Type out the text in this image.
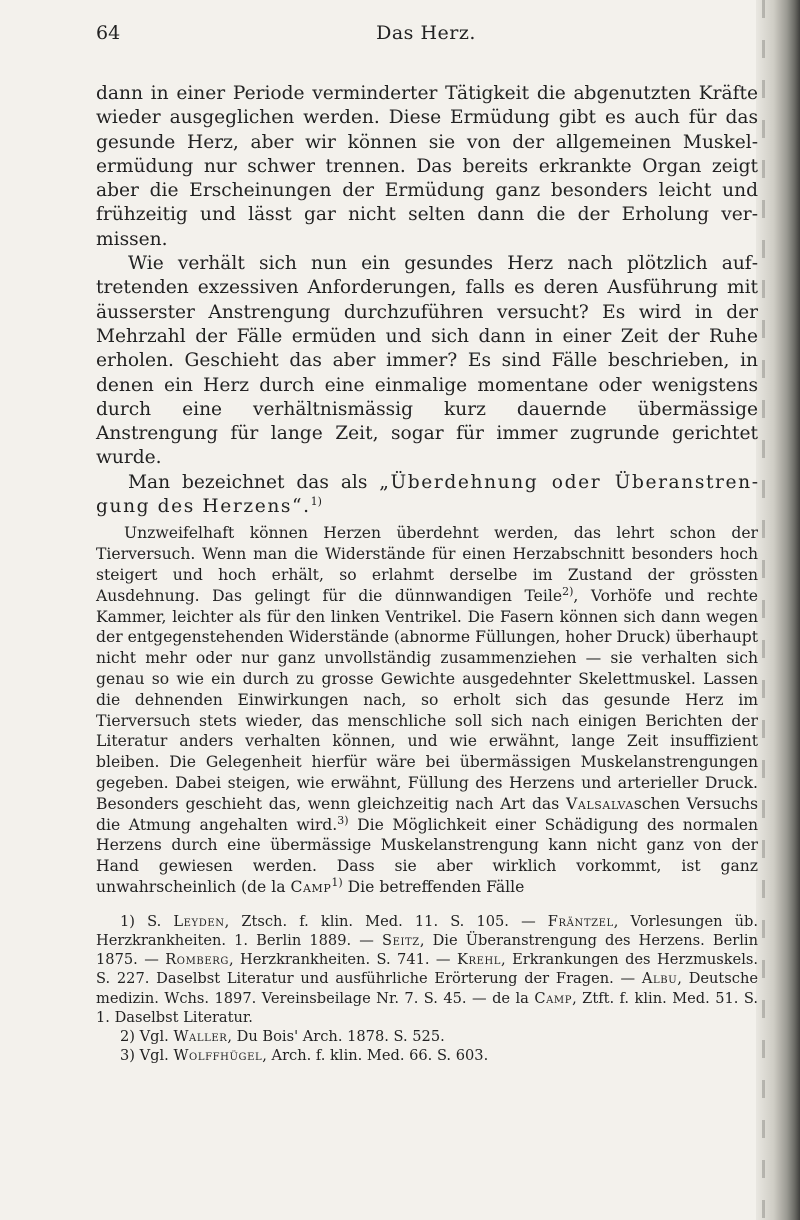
64	Das Herz.

dann in einer Periode verminderter Tätigkeit die abgenutzten Kräfte wieder ausgeglichen werden. Diese Ermüdung gibt es auch für das gesunde Herz, aber wir können sie von der allgemeinen Muskelermüdung nur schwer trennen. Das bereits erkrankte Organ zeigt aber die Erscheinungen der Ermüdung ganz besonders leicht und frühzeitig und lässt gar nicht selten dann die der Erholung vermissen.

Wie verhält sich nun ein gesundes Herz nach plötzlich auftretenden exzessiven Anforderungen, falls es deren Ausführung mit äusserster Anstrengung durchzuführen versucht? Es wird in der Mehrzahl der Fälle ermüden und sich dann in einer Zeit der Ruhe erholen. Geschieht das aber immer? Es sind Fälle beschrieben, in denen ein Herz durch eine einmalige momentane oder wenigstens durch eine verhältnismässig kurz dauernde übermässige Anstrengung für lange Zeit, sogar für immer zugrunde gerichtet wurde.

Man bezeichnet das als „Überdehnung oder Überanstrengung des Herzens“.$^{1)}$

Unzweifelhaft können Herzen überdehnt werden, das lehrt schon der Tierversuch. Wenn man die Widerstände für einen Herzabschnitt besonders hoch steigert und hoch erhält, so erlahmt derselbe im Zustand der grössten Ausdehnung. Das gelingt für die dünnwandigen Teile$^{2)}$, Vorhöfe und rechte Kammer, leichter als für den linken Ventrikel. Die Fasern können sich dann wegen der entgegenstehenden Widerstände (abnorme Füllungen, hoher Druck) überhaupt nicht mehr oder nur ganz unvollständig zusammenziehen — sie verhalten sich genau so wie ein durch zu grosse Gewichte ausgedehnter Skelettmuskel. Lassen die dehnenden Einwirkungen nach, so erholt sich das gesunde Herz im Tierversuch stets wieder, das menschliche soll sich nach einigen Berichten der Literatur anders verhalten können, und wie erwähnt, lange Zeit insuffizient bleiben. Die Gelegenheit hierfür wäre bei übermässigen Muskelanstrengungen gegeben. Dabei steigen, wie erwähnt, Füllung des Herzens und arterieller Druck. Besonders geschieht das, wenn gleichzeitig nach Art das Valsalvaschen Versuchs die Atmung angehalten wird.$^{3)}$ Die Möglichkeit einer Schädigung des normalen Herzens durch eine übermässige Muskelanstrengung kann nicht ganz von der Hand gewiesen werden. Dass sie aber wirklich vorkommt, ist ganz unwahrscheinlich (de la Camp$^{1)}$ Die betreffenden Fälle

1) S. Leyden, Ztsch. f. klin. Med. 11. S. 105. — Fräntzel, Vorlesungen üb. Herzkrankheiten. 1. Berlin 1889. — Seitz, Die Überanstrengung des Herzens. Berlin 1875. — Romberg, Herzkrankheiten. S. 741. — Krehl, Erkrankungen des Herzmuskels. S. 227. Daselbst Literatur und ausführliche Erörterung der Fragen. — Albu, Deutsche medizin. Wchs. 1897. Vereinsbeilage Nr. 7. S. 45. — de la Camp, Ztft. f. klin. Med. 51. S. 1. Daselbst Literatur.

2) Vgl. Waller, Du Bois' Arch. 1878. S. 525.

3) Vgl. Wolffhügel, Arch. f. klin. Med. 66. S. 603.
